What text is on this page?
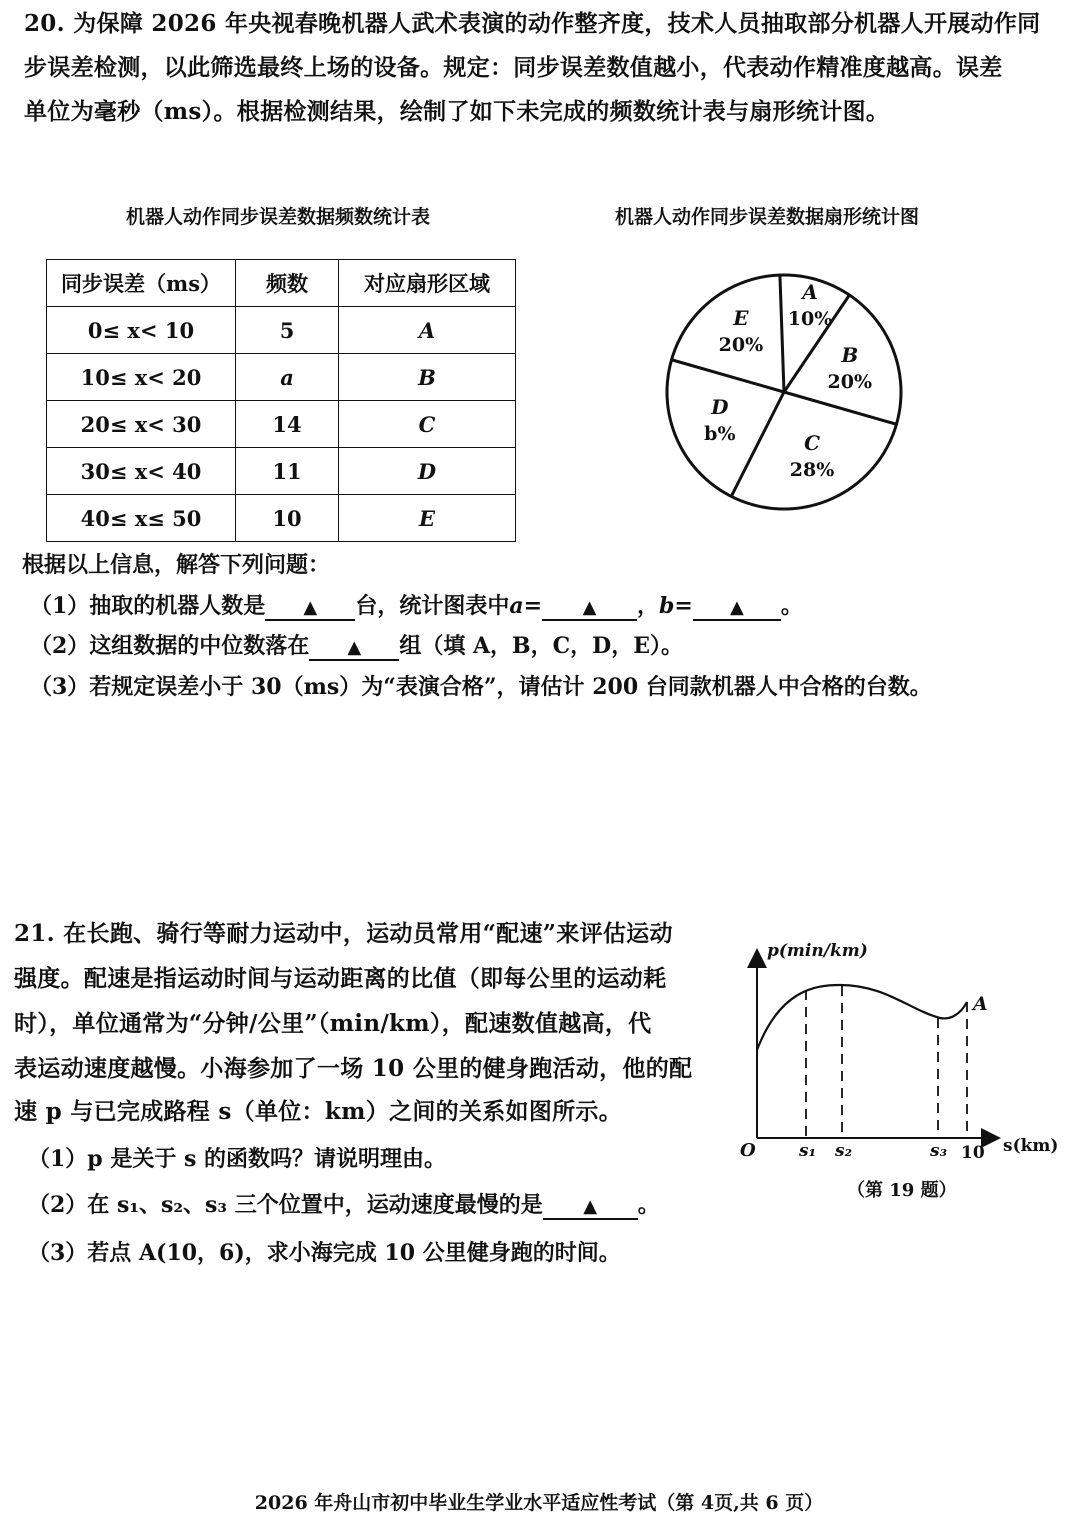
20. 为保障 2026 年央视春晚机器人武术表演的动作整齐度，技术人员抽取部分机器人开展动作同
步误差检测，以此筛选最终上场的设备。规定：同步误差数值越小，代表动作精准度越高。误差
单位为毫秒（ms）。根据检测结果，绘制了如下未完成的频数统计表与扇形统计图。
机器人动作同步误差数据频数统计表	机器人动作同步误差数据扇形统计图
同步误差（ms）	频数	对应扇形区域
0≤ x< 10	5	A
10≤ x< 20	a	B
20≤ x< 30	14	C
30≤ x< 40	11	D
40≤ x≤ 50	10	E
A
10%
B
20%
C
28%
D
b%
E
20%
根据以上信息，解答下列问题：
（1）抽取的机器人数是 ▲ 台，统计图表中a= ▲ ，b= ▲ 。
（2）这组数据的中位数落在 ▲ 组（填 A，B，C，D，E）。
（3）若规定误差小于 30（ms）为“表演合格”，请估计 200 台同款机器人中合格的台数。
21. 在长跑、骑行等耐力运动中，运动员常用“配速”来评估运动
强度。配速是指运动时间与运动距离的比值（即每公里的运动耗
时），单位通常为“分钟/公里”（min/km），配速数值越高，代
表运动速度越慢。小海参加了一场 10 公里的健身跑活动，他的配
速 p 与已完成路程 s（单位：km）之间的关系如图所示。
（1）p 是关于 s 的函数吗？请说明理由。
（2）在 s₁、s₂、s₃ 三个位置中，运动速度最慢的是 ▲ 。
（3）若点 A(10，6)，求小海完成 10 公里健身跑的时间。
p(min/km)
s(km)
O	s₁ s₂	s₃ 10
A
（第 19 题）
2026 年舟山市初中毕业生学业水平适应性考试（第 4页,共 6 页）
